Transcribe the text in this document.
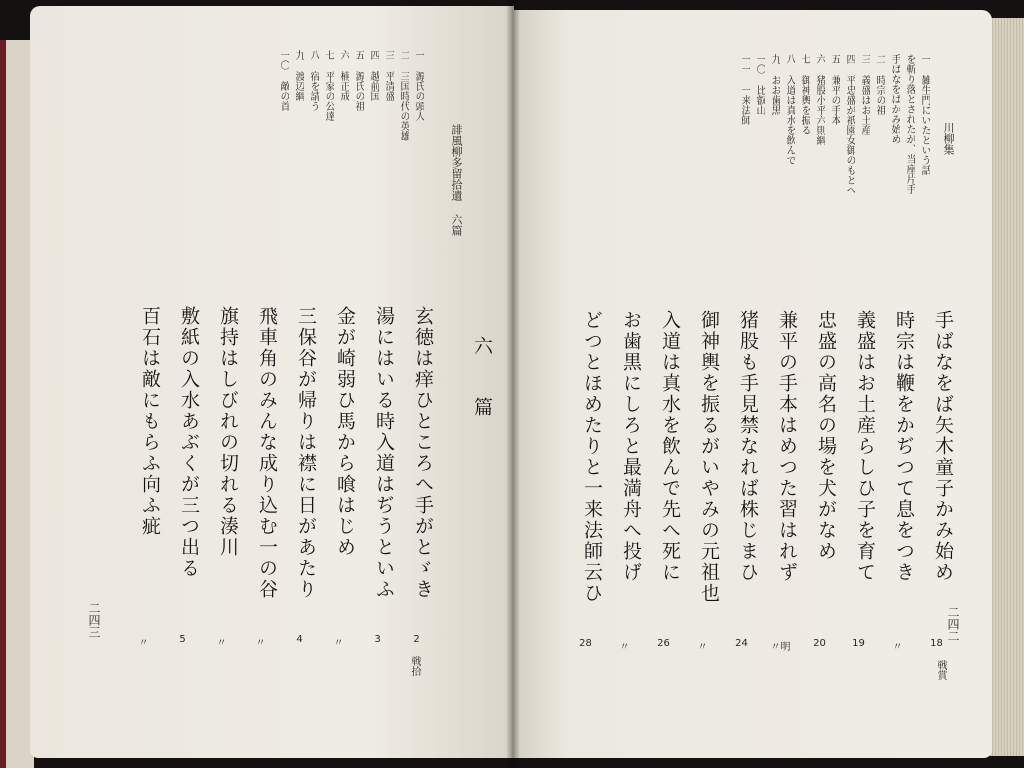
誹風柳多留拾遺 六篇
一 源氏の頭人
二 三国時代の英雄
三 平清盛
四 越前国
五 源氏の祖
六 楠正成
七 平家の公達
八 宿を請う
九 渡辺綱
一〇 敵の首
六 篇
玄徳は痒ひところへ手がとゞき
湯にはいる時入道はぢうといふ
金が崎弱ひ馬から喰はじめ
三保谷が帰りは襟に日があたり
飛車角のみんな成り込む一の谷
旗持はしびれの切れる湊川
敷紙の入水あぶくが三つ出る
百石は敵にもらふ向ふ疵
二四三
2
3
〃
4
〃
〃
5
〃
戦拾
川柳集
一 雑生門にいたという話
を斬り落とされたが、当座片手
手ばなをばかみ始め
二 時宗の祖
三 義盛はお土産
四 平忠盛が祇園女御のもとへ
五 兼平の手本
六 猪股小平六則綱
七 御神輿を振る
八 入道は真水を飲んで
九 おお歯黒
一〇 比叡山
一一 一来法師
手ばなをば矢木童子かみ始め
時宗は鞭をかぢつて息をつき
義盛はお土産らしひ子を育て
忠盛の高名の場を犬がなめ
兼平の手本はめつた習はれず
猪股も手見禁なれば株じまひ
御神輿を振るがいやみの元祖也
入道は真水を飲んで先へ死に
お歯黒にしろと最満舟へ投げ
どつとほめたりと一来法師云ひ
二四二
18
〃
19
20
〃明
24
〃
26
〃
28
戦賞
